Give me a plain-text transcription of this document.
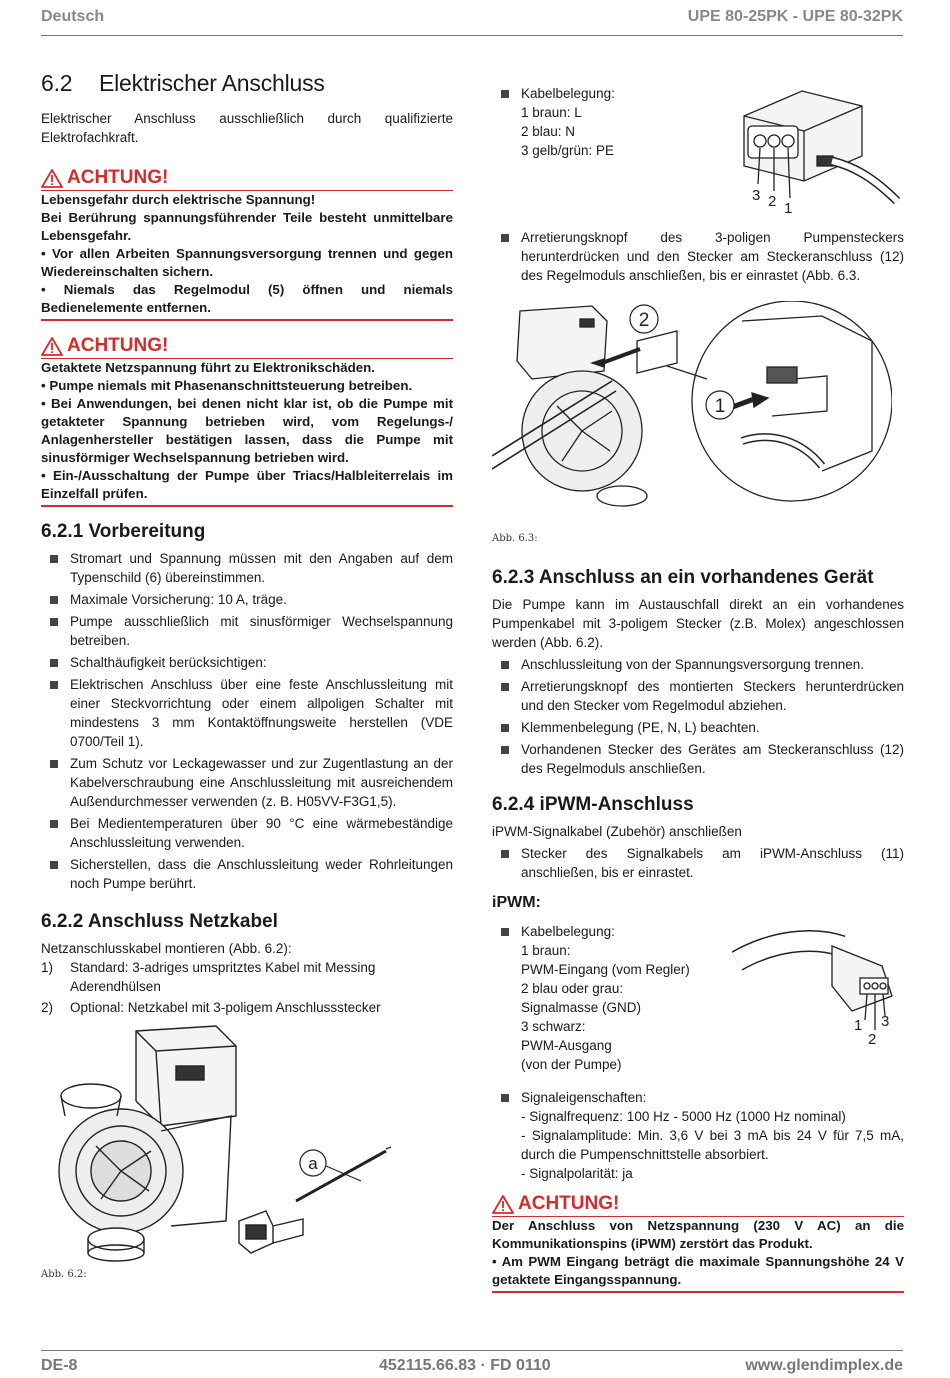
Deutsch	UPE 80-25PK - UPE 80-32PK
6.2 Elektrischer Anschluss

Elektrischer Anschluss ausschließlich durch qualifizierte Elektrofachkraft.

ACHTUNG!

Lebensgefahr durch elektrische Spannung!

Bei Berührung spannungsführender Teile besteht unmittelbare Lebensgefahr.

• Vor allen Arbeiten Spannungsversorgung trennen und gegen Wiedereinschalten sichern.

• Niemals das Regelmodul (5) öffnen und niemals Bedienelemente entfernen.

ACHTUNG!

Getaktete Netzspannung führt zu Elektronikschäden.

• Pumpe niemals mit Phasenanschnittsteuerung betreiben.

• Bei Anwendungen, bei denen nicht klar ist, ob die Pumpe mit getakteter Spannung betrieben wird, vom Regelungs-/ Anlagenhersteller bestätigen lassen, dass die Pumpe mit sinusförmiger Wechselspannung betrieben wird.

• Ein-/Ausschaltung der Pumpe über Triacs/Halbleiterrelais im Einzelfall prüfen.

6.2.1 Vorbereitung
Stromart und Spannung müssen mit den Angaben auf dem Typenschild (6) übereinstimmen.
Maximale Vorsicherung: 10 A, träge.
Pumpe ausschließlich mit sinusförmiger Wechselspannung betreiben.
Schalthäufigkeit berücksichtigen:
Elektrischen Anschluss über eine feste Anschlussleitung mit einer Steckvorrichtung oder einem allpoligen Schalter mit mindestens 3 mm Kontaktöffnungsweite herstellen (VDE 0700/Teil 1).
Zum Schutz vor Leckagewasser und zur Zugentlastung an der Kabelverschraubung eine Anschlussleitung mit ausreichendem Außendurchmesser verwenden (z. B. H05VV-F3G1,5).
Bei Medientemperaturen über 90 °C eine wärmebeständige Anschlussleitung verwenden.
Sicherstellen, dass die Anschlussleitung weder Rohrleitungen noch Pumpe berührt.
6.2.2 Anschluss Netzkabel

Netzanschlusskabel montieren (Abb. 6.2):

1) Standard: 3-adriges umspritztes Kabel mit Messing Aderendhülsen
2) Optional: Netzkabel mit 3-poligem Anschlussstecker
a
Abb. 6.2:
Kabelbelegung:
1 braun: L
2 blau: N
3 gelb/grün: PE
3 2 1
Arretierungsknopf des 3-poligen Pumpensteckers herunterdrücken und den Stecker am Steckeranschluss (12) des Regelmoduls anschließen, bis er einrastet (Abb. 6.3.
2
1
Abb. 6.3:
6.2.3 Anschluss an ein vorhandenes Gerät

Die Pumpe kann im Austauschfall direkt an ein vorhandenes Pumpenkabel mit 3-poligem Stecker (z.B. Molex) angeschlossen werden (Abb. 6.2).

Anschlussleitung von der Spannungsversorgung trennen.
Arretierungsknopf des montierten Steckers herunterdrücken und den Stecker vom Regelmodul abziehen.
Klemmenbelegung (PE, N, L) beachten.
Vorhandenen Stecker des Gerätes am Steckeranschluss (12) des Regelmoduls anschließen.
6.2.4 iPWM-Anschluss

iPWM-Signalkabel (Zubehör) anschließen

Stecker des Signalkabels am iPWM-Anschluss (11) anschließen, bis er einrastet.
iPWM:
Kabelbelegung:
1 braun:
PWM-Eingang (vom Regler)
2 blau oder grau:
Signalmasse (GND)
3 schwarz:
PWM-Ausgang
(von der Pumpe)
1 3
2
Signaleigenschaften:
- Signalfrequenz: 100 Hz - 5000 Hz (1000 Hz nominal)
- Signalamplitude: Min. 3,6 V bei 3 mA bis 24 V für 7,5 mA, durch die Pumpenschnittstelle absorbiert.
- Signalpolarität: ja
ACHTUNG!

Der Anschluss von Netzspannung (230 V AC) an die Kommunikationspins (iPWM) zerstört das Produkt.

• Am PWM Eingang beträgt die maximale Spannungshöhe 24 V getaktete Eingangsspannung.

DE-8	452115.66.83 · FD 0110	www.glendimplex.de
